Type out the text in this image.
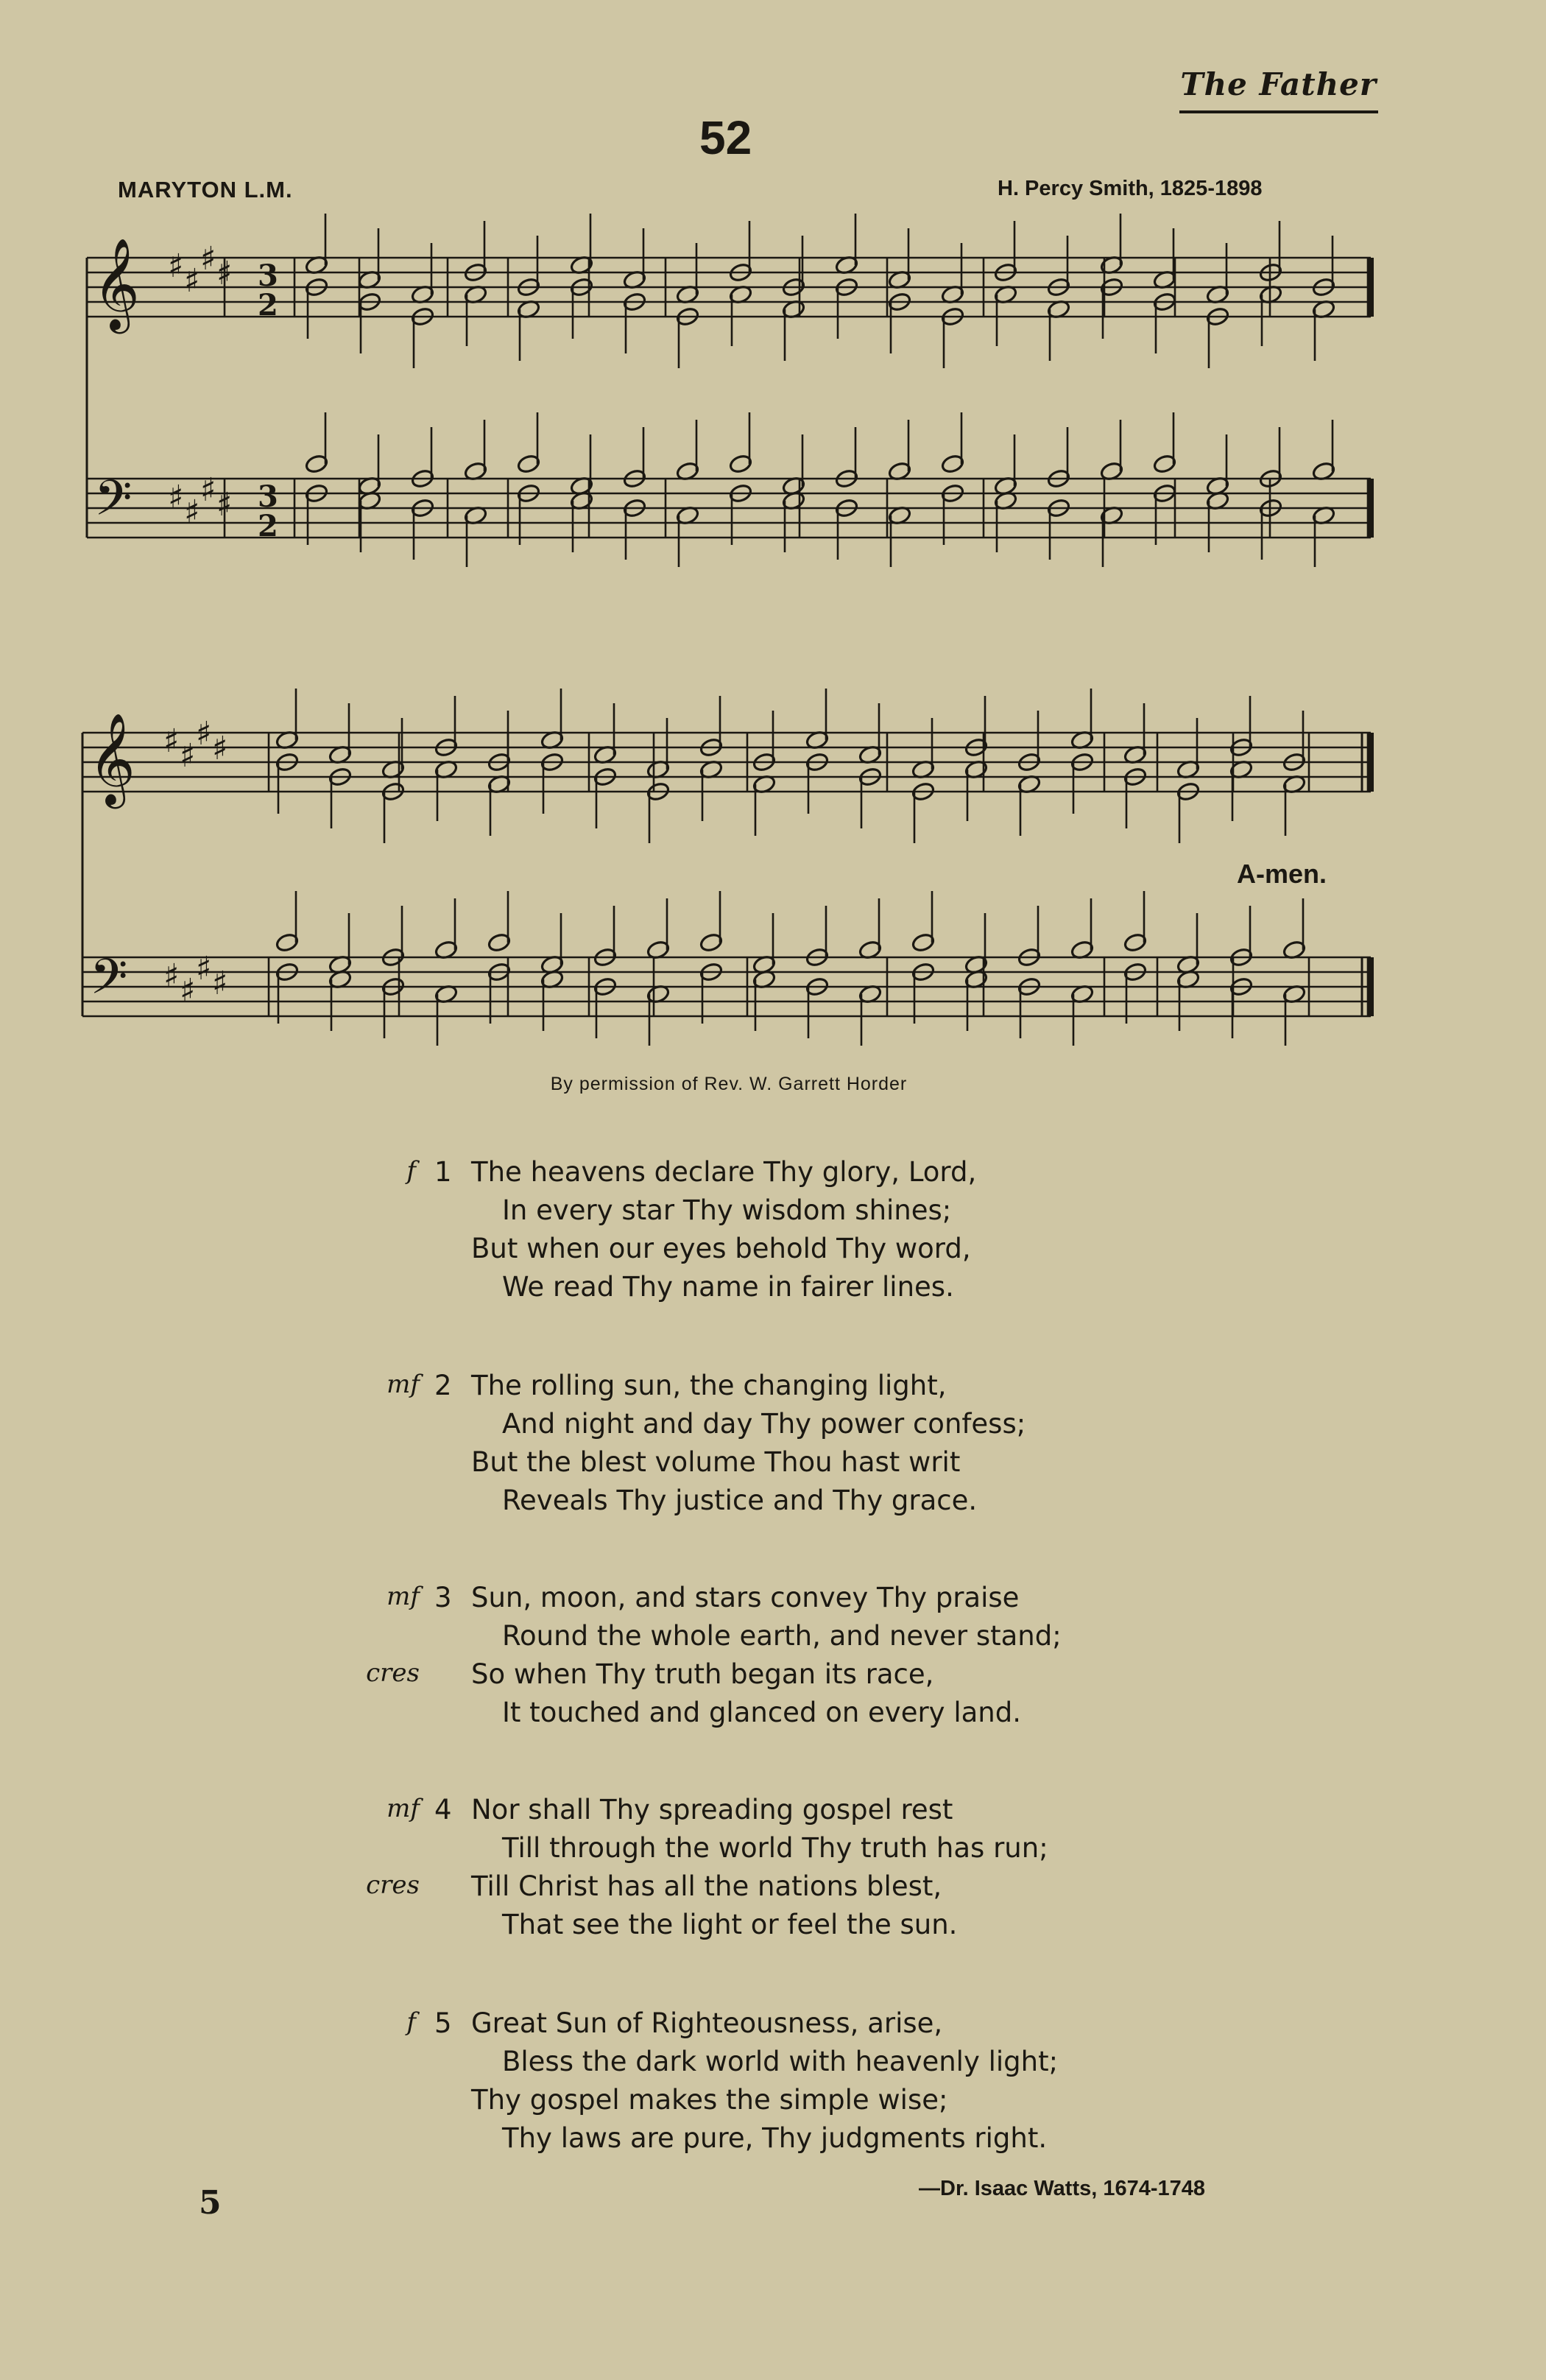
The Father
52
MARYTON L.M.	H. Percy Smith, 1825-1898
𝄞
𝄢
♯ ♯
♯ ♯
♯ ♯
♯ ♯
3
2
3
2
𝄞
𝄢
♯ ♯
♯ ♯
♯ ♯
♯ ♯
A-men.
By permission of Rev. W. Garrett Horder
f 1 The heavens declare Thy glory, Lord,
In every star Thy wisdom shines;
But when our eyes behold Thy word,
We read Thy name in fairer lines.
mf 2 The rolling sun, the changing light,
And night and day Thy power confess;
But the blest volume Thou hast writ
Reveals Thy justice and Thy grace.
mf 3 Sun, moon, and stars convey Thy praise
Round the whole earth, and never stand;
cres So when Thy truth began its race,
It touched and glanced on every land.
mf 4 Nor shall Thy spreading gospel rest
Till through the world Thy truth has run;
cres Till Christ has all the nations blest,
That see the light or feel the sun.
f 5 Great Sun of Righteousness, arise,
Bless the dark world with heavenly light;
Thy gospel makes the simple wise;
Thy laws are pure, Thy judgments right.
—Dr. Isaac Watts, 1674-1748
5
